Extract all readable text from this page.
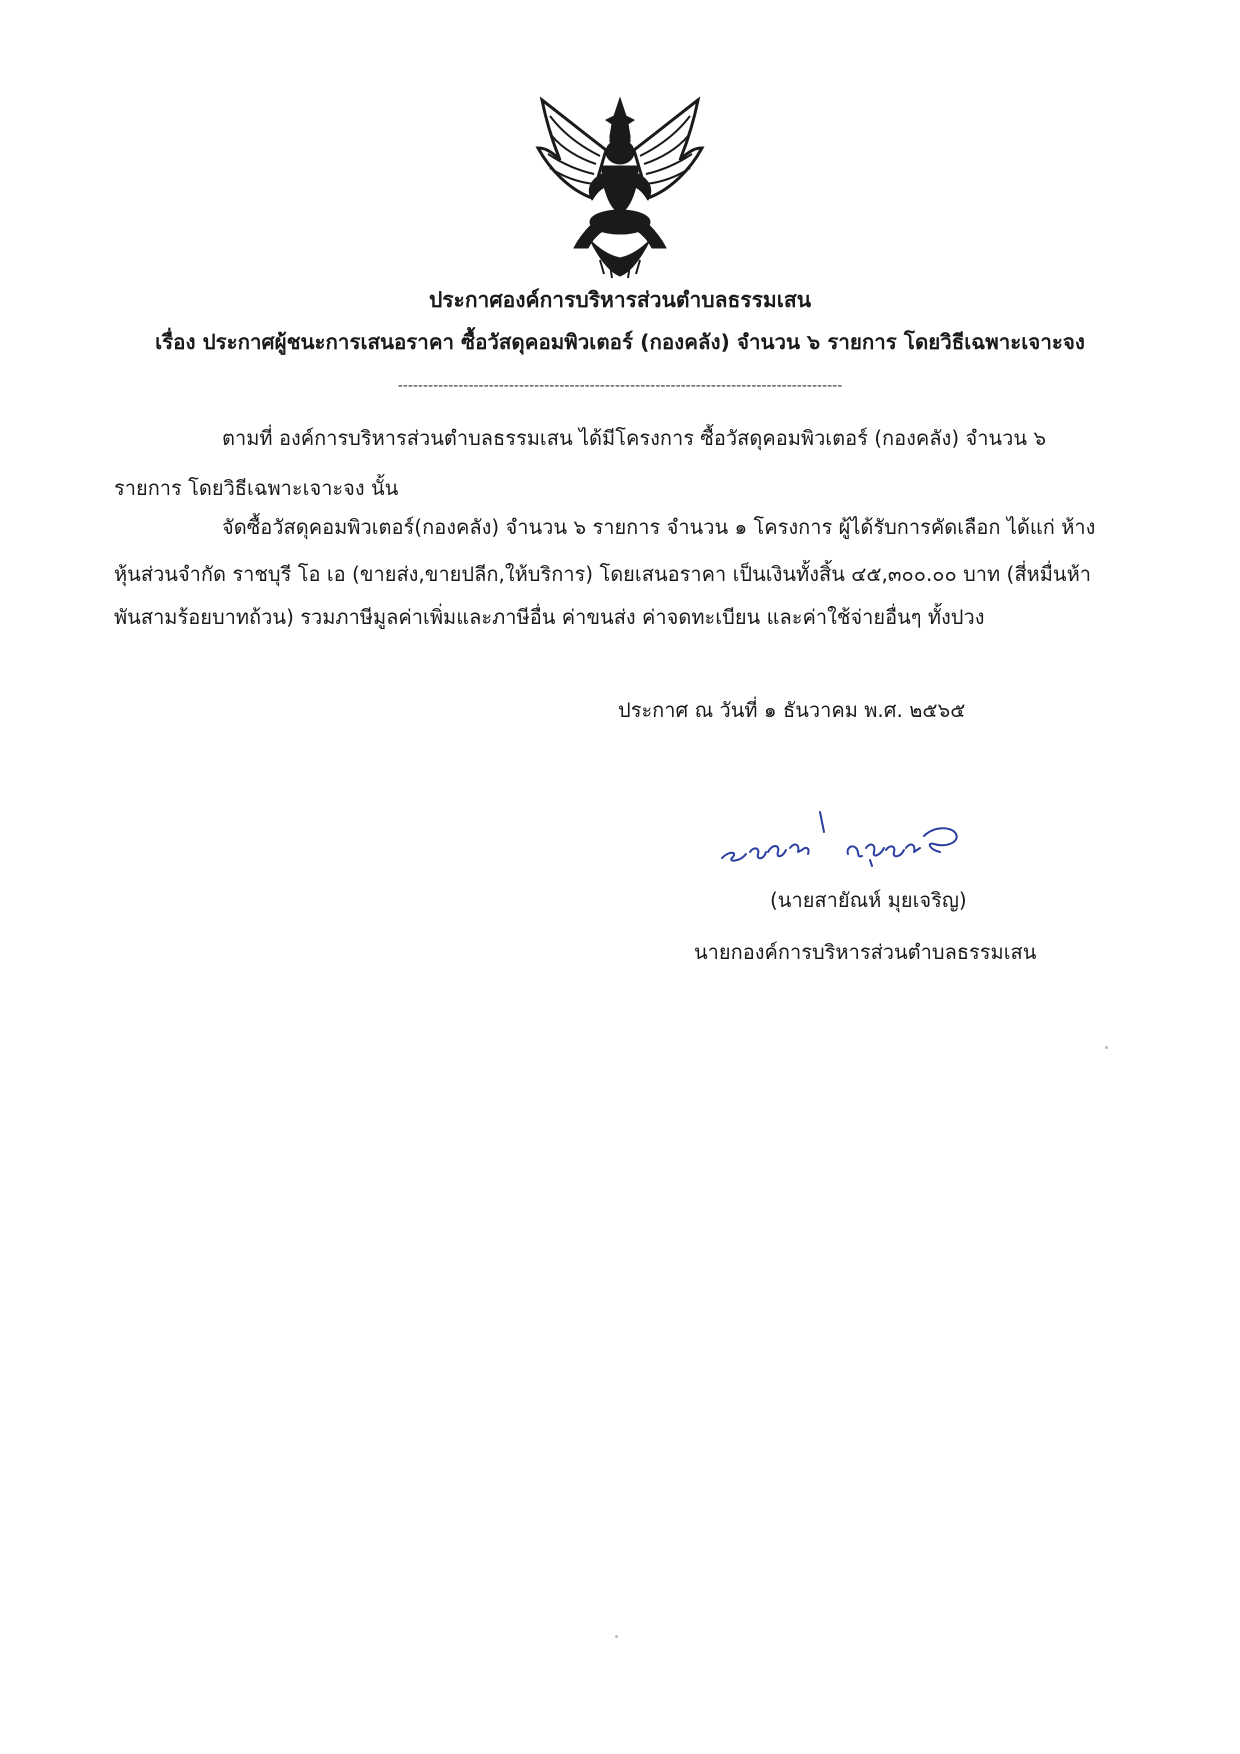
ประกาศองค์การบริหารส่วนตำบลธรรมเสน
เรื่อง ประกาศผู้ชนะการเสนอราคา ซื้อวัสดุคอมพิวเตอร์ (กองคลัง) จำนวน ๖ รายการ โดยวิธีเฉพาะเจาะจง
----------------------------------------------------------------------------------------
ตามที่ องค์การบริหารส่วนตำบลธรรมเสน ได้มีโครงการ ซื้อวัสดุคอมพิวเตอร์ (กองคลัง) จำนวน ๖
รายการ โดยวิธีเฉพาะเจาะจง นั้น
จัดซื้อวัสดุคอมพิวเตอร์(กองคลัง) จำนวน ๖ รายการ จำนวน ๑ โครงการ ผู้ได้รับการคัดเลือก ได้แก่ ห้าง
หุ้นส่วนจำกัด ราชบุรี โอ เอ (ขายส่ง,ขายปลีก,ให้บริการ) โดยเสนอราคา เป็นเงินทั้งสิ้น ๔๕,๓๐๐.๐๐ บาท (สี่หมื่นห้า
พันสามร้อยบาทถ้วน) รวมภาษีมูลค่าเพิ่มและภาษีอื่น ค่าขนส่ง ค่าจดทะเบียน และค่าใช้จ่ายอื่นๆ ทั้งปวง
ประกาศ ณ วันที่ ๑ ธันวาคม พ.ศ. ๒๕๖๕
(นายสายัณห์ มุยเจริญ)
นายกองค์การบริหารส่วนตำบลธรรมเสน
